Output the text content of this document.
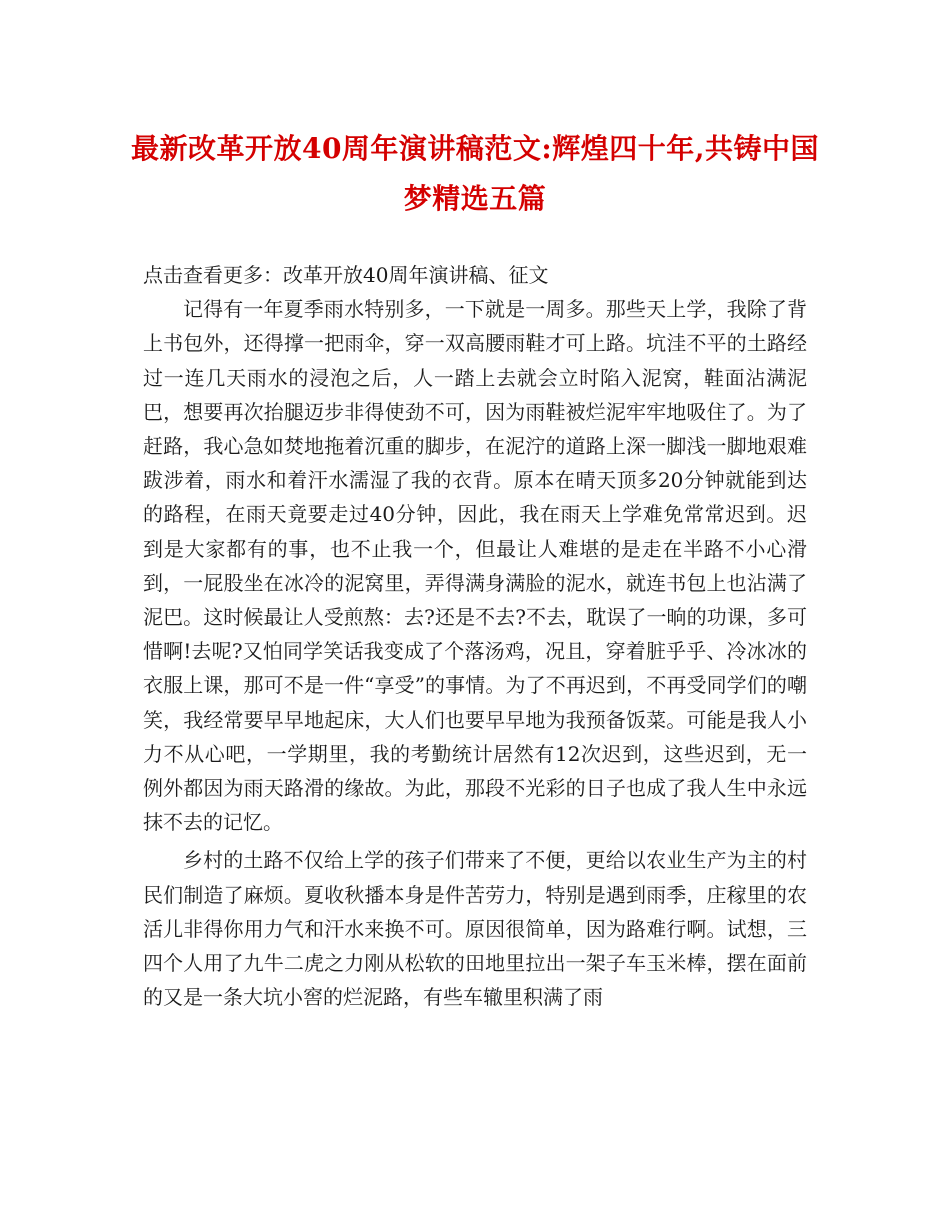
最新改革开放40周年演讲稿范文:辉煌四十年,共铸中国梦精选五篇

点击查看更多：改革开放40周年演讲稿、征文

记得有一年夏季雨水特别多，一下就是一周多。那些天上学，我除了背上书包外，还得撑一把雨伞，穿一双高腰雨鞋才可上路。坑洼不平的土路经过一连几天雨水的浸泡之后，人一踏上去就会立时陷入泥窝，鞋面沾满泥巴，想要再次抬腿迈步非得使劲不可，因为雨鞋被烂泥牢牢地吸住了。为了赶路，我心急如焚地拖着沉重的脚步，在泥泞的道路上深一脚浅一脚地艰难跋涉着，雨水和着汗水濡湿了我的衣背。原本在晴天顶多20分钟就能到达的路程，在雨天竟要走过40分钟，因此，我在雨天上学难免常常迟到。迟到是大家都有的事，也不止我一个，但最让人难堪的是走在半路不小心滑到，一屁股坐在冰冷的泥窝里，弄得满身满脸的泥水，就连书包上也沾满了泥巴。这时候最让人受煎熬：去?还是不去?不去，耽误了一晌的功课，多可惜啊!去呢?又怕同学笑话我变成了个落汤鸡，况且，穿着脏乎乎、冷冰冰的衣服上课，那可不是一件“享受”的事情。为了不再迟到，不再受同学们的嘲笑，我经常要早早地起床，大人们也要早早地为我预备饭菜。可能是我人小力不从心吧，一学期里，我的考勤统计居然有12次迟到，这些迟到，无一例外都因为雨天路滑的缘故。为此，那段不光彩的日子也成了我人生中永远抹不去的记忆。

乡村的土路不仅给上学的孩子们带来了不便，更给以农业生产为主的村民们制造了麻烦。夏收秋播本身是件苦劳力，特别是遇到雨季，庄稼里的农活儿非得你用力气和汗水来换不可。原因很简单，因为路难行啊。试想，三四个人用了九牛二虎之力刚从松软的田地里拉出一架子车玉米棒，摆在面前的又是一条大坑小窖的烂泥路，有些车辙里积满了雨
